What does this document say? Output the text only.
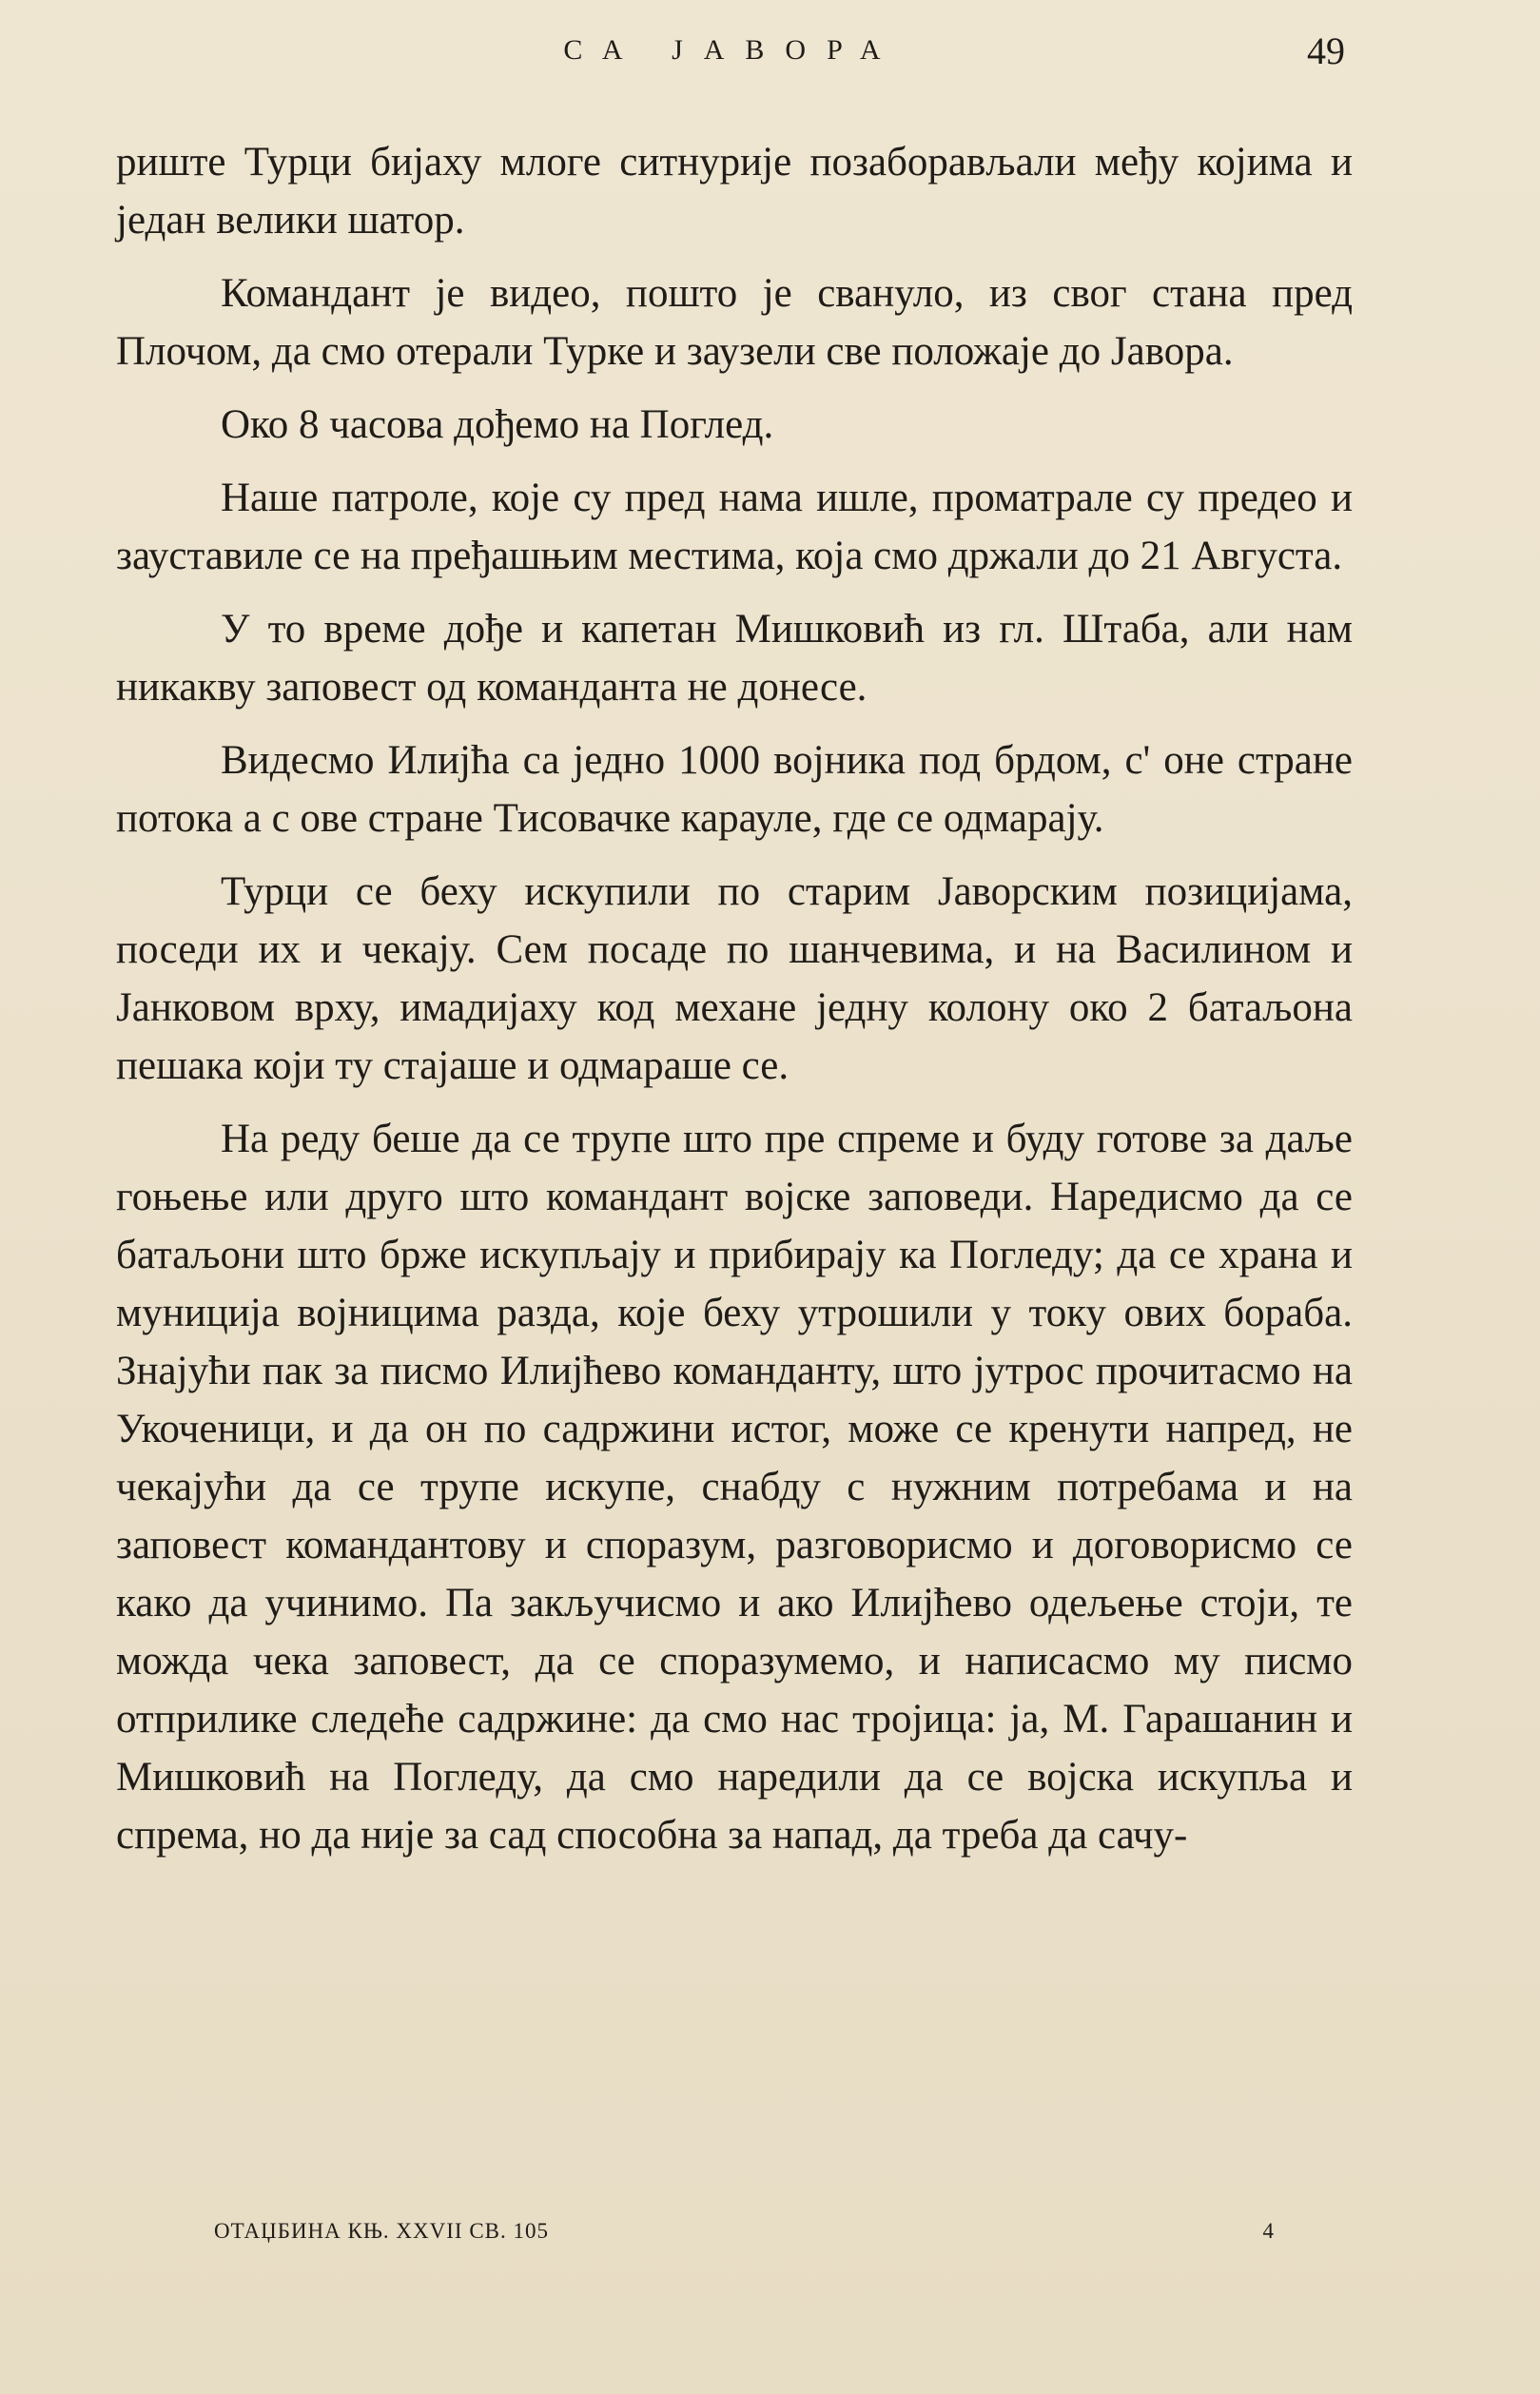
СА ЈАВОРА	49

риште Турци бијаху млоге ситнурије позаборављали међу којима и један велики шатор.

Командант је видео, пошто је свануло, из свог стана пред Плочом, да смо отерали Турке и заузели све положаје до Јавора.

Око 8 часова дођемо на Поглед.

Наше патроле, које су пред нама ишле, проматрале су предео и зауставиле се на пређашњим местима, која смо држали до 21 Августа.

У то време дође и капетан Мишковић из гл. Штаба, али нам никакву заповест од команданта не донесе.

Видесмо Илијћа са једно 1000 војника под брдом, с' оне стране потока а с ове стране Тисовачке карауле, где се одмарају.

Турци се беху искупили по старим Јаворским позицијама, поседи их и чекају. Сем посаде по шанчевима, и на Василином и Јанковом врху, имадијаху код механе једну колону око 2 батаљона пешака који ту стајаше и одмараше се.

На реду беше да се трупе што пре спреме и буду готове за даље гоњење или друго што командант војске заповеди. Наредисмо да се батаљони што брже искупљају и прибирају ка Погледу; да се храна и муниција војницима разда, које беху утрошили у току ових бораба. Знајући пак за писмо Илијћево команданту, што јутрос прочитасмо на Укоченици, и да он по садржини истог, може се кренути напред, не чекајући да се трупе искупе, снабду с нужним потребама и на заповест командантову и споразум, разговорисмо и договорисмо се како да учинимо. Па закључисмо и ако Илијћево одељење стоји, те можда чека заповест, да се споразумемо, и написасмо му писмо отприлике следеће садржине: да смо нас тројица: ја, М. Гарашанин и Мишковић на Погледу, да смо наредили да се војска искупља и спрема, но да није за сад способна за напад, да треба да сачу-

ОТАЏБИНА КЊ. XXVII СВ. 105	4
